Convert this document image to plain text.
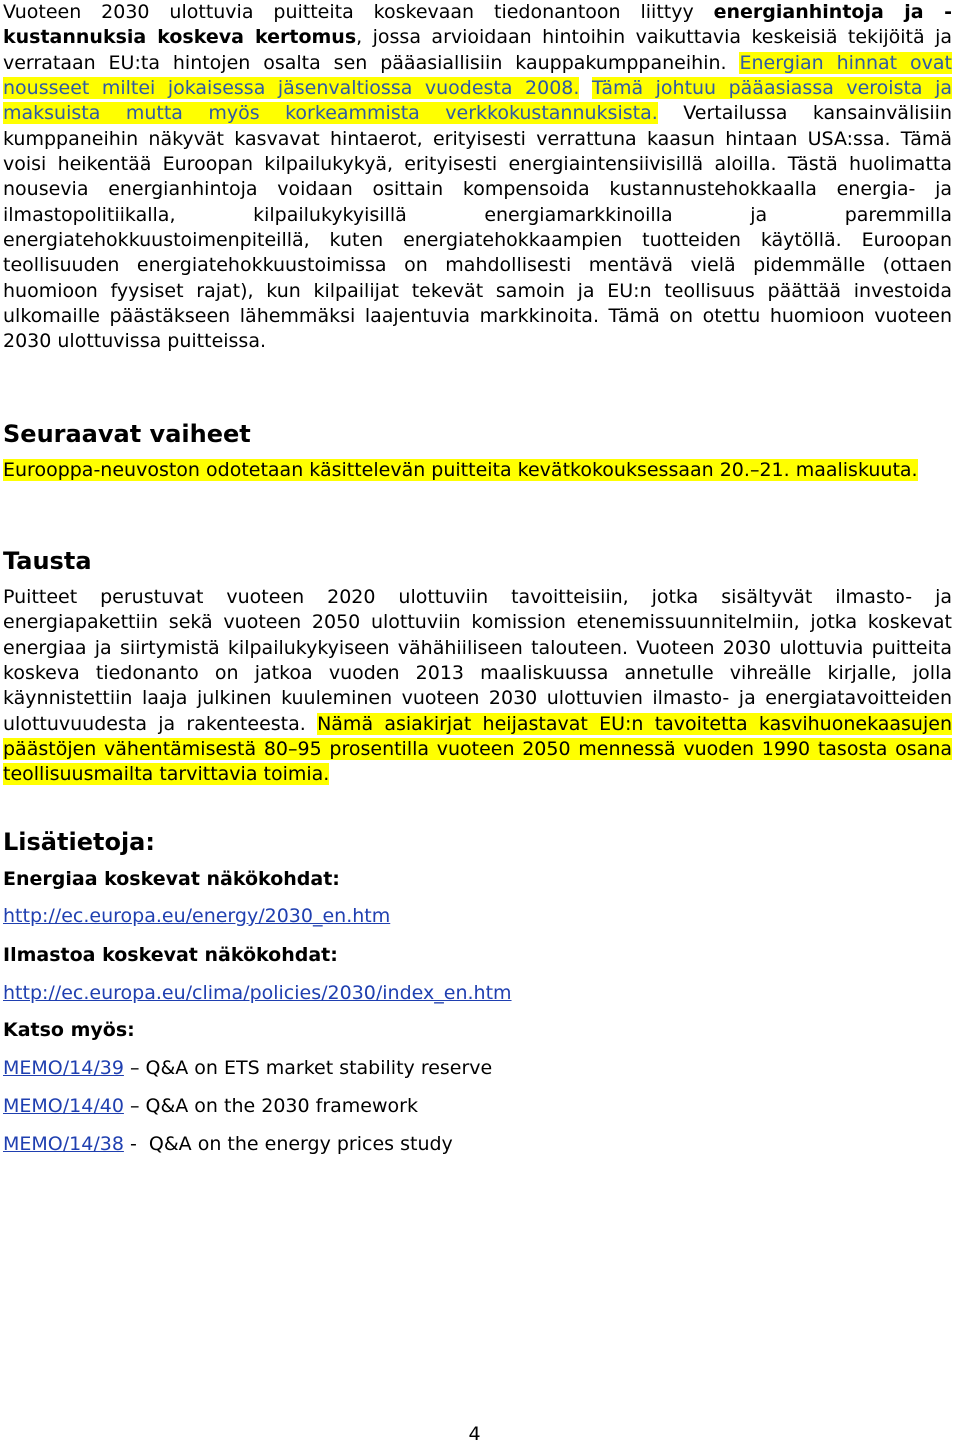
Vuoteen 2030 ulottuvia puitteita koskevaan tiedonantoon liittyy energianhintoja ja -kustannuksia koskeva kertomus, jossa arvioidaan hintoihin vaikuttavia keskeisiä tekijöitä ja verrataan EU:ta hintojen osalta sen pääasiallisiin kauppakumppaneihin. Energian hinnat ovat nousseet miltei jokaisessa jäsenvaltiossa vuodesta 2008. Tämä johtuu pääasiassa veroista ja maksuista mutta myös korkeammista verkkokustannuksista. Vertailussa kansainvälisiin kumppaneihin näkyvät kasvavat hintaerot, erityisesti verrattuna kaasun hintaan USA:ssa. Tämä voisi heikentää Euroopan kilpailukykyä, erityisesti energiaintensiivisillä aloilla. Tästä huolimatta nousevia energianhintoja voidaan osittain kompensoida kustannustehokkaalla energia- ja ilmastopolitiikalla, kilpailukykyisillä energiamarkkinoilla ja paremmilla energiatehokkuustoimenpiteillä, kuten energiatehokkaampien tuotteiden käytöllä. Euroopan teollisuuden energiatehokkuustoimissa on mahdollisesti mentävä vielä pidemmälle (ottaen huomioon fyysiset rajat), kun kilpailijat tekevät samoin ja EU:n teollisuus päättää investoida ulkomaille päästäkseen lähemmäksi laajentuvia markkinoita. Tämä on otettu huomioon vuoteen 2030 ulottuvissa puitteissa.

Seuraavat vaiheet

Eurooppa-neuvoston odotetaan käsittelevän puitteita kevätkokouksessaan 20.–21. maaliskuuta.

Tausta

Puitteet perustuvat vuoteen 2020 ulottuviin tavoitteisiin, jotka sisältyvät ilmasto- ja energiapakettiin sekä vuoteen 2050 ulottuviin komission etenemissuunnitelmiin, jotka koskevat energiaa ja siirtymistä kilpailukykyiseen vähähiiliseen talouteen. Vuoteen 2030 ulottuvia puitteita koskeva tiedonanto on jatkoa vuoden 2013 maaliskuussa annetulle vihreälle kirjalle, jolla käynnistettiin laaja julkinen kuuleminen vuoteen 2030 ulottuvien ilmasto- ja energiatavoitteiden ulottuvuudesta ja rakenteesta. Nämä asiakirjat heijastavat EU:n tavoitetta kasvihuonekaasujen päästöjen vähentämisestä 80–95 prosentilla vuoteen 2050 mennessä vuoden 1990 tasosta osana teollisuusmailta tarvittavia toimia.

Lisätietoja:

Energiaa koskevat näkökohdat:

http://ec.europa.eu/energy/2030_en.htm

Ilmastoa koskevat näkökohdat:

http://ec.europa.eu/clima/policies/2030/index_en.htm

Katso myös:

MEMO/14/39 – Q&A on ETS market stability reserve

MEMO/14/40 – Q&A on the 2030 framework

MEMO/14/38 -  Q&A on the energy prices study

4
